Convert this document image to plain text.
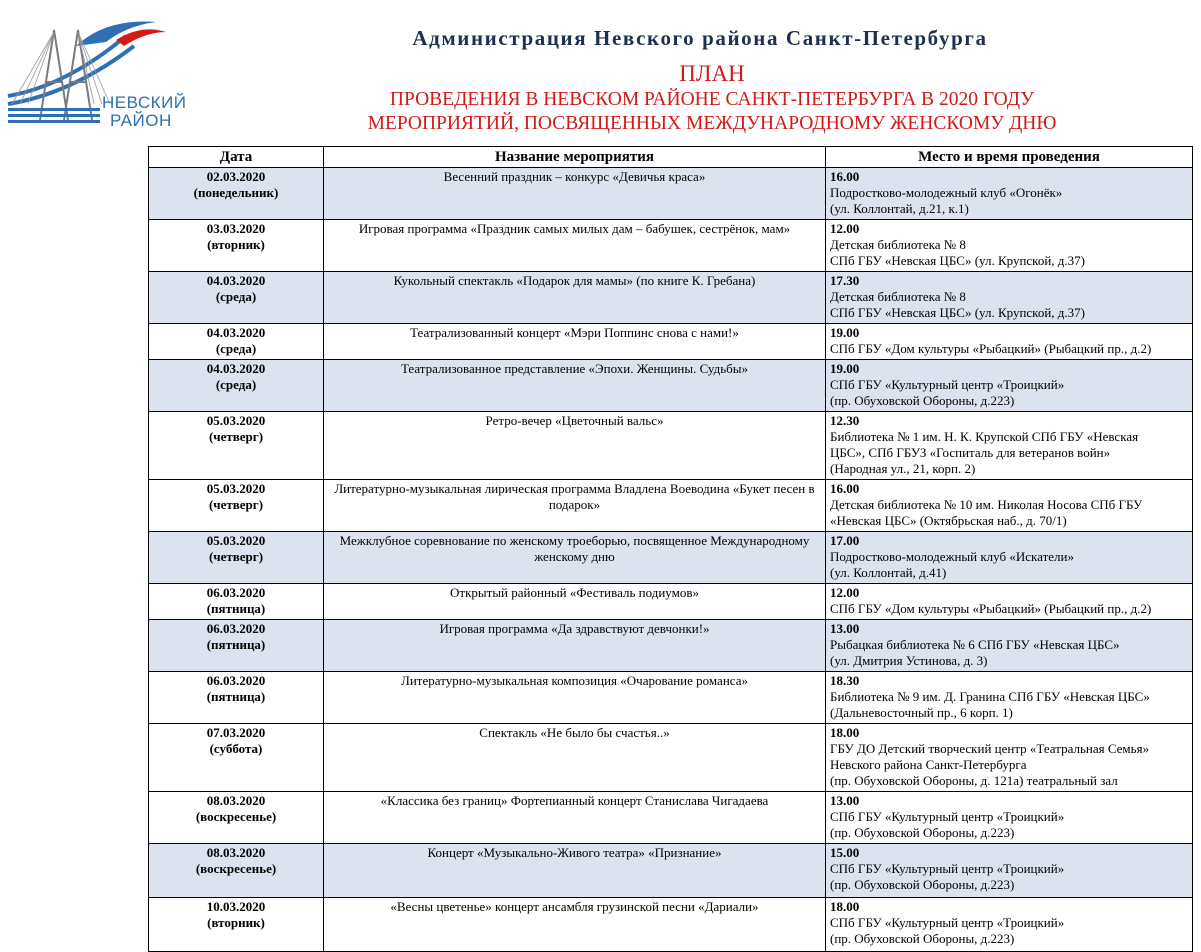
НЕВСКИЙ
РАЙОН
Администрация Невского района Санкт-Петербурга
ПЛАН
ПРОВЕДЕНИЯ В НЕВСКОМ РАЙОНЕ САНКТ-ПЕТЕРБУРГА В 2020 ГОДУ
МЕРОПРИЯТИЙ, ПОСВЯЩЕННЫХ МЕЖДУНАРОДНОМУ ЖЕНСКОМУ ДНЮ
Дата	Название мероприятия	Место и время проведения

02.03.2020
(понедельник)	Весенний праздник – конкурс «Девичья краса»	16.00
Подростково-молодежный клуб «Огонёк»
(ул. Коллонтай, д.21, к.1)

03.03.2020
(вторник)	Игровая программа «Праздник самых милых дам – бабушек, сестрёнок, мам»	12.00
Детская библиотека № 8
СПб ГБУ «Невская ЦБС» (ул. Крупской, д.37)

04.03.2020
(среда)	Кукольный спектакль «Подарок для мамы» (по книге К. Гребана)	17.30
Детская библиотека № 8
СПб ГБУ «Невская ЦБС» (ул. Крупской, д.37)

04.03.2020
(среда)	Театрализованный концерт «Мэри Поппинс снова с нами!»	19.00
СПб ГБУ «Дом культуры «Рыбацкий» (Рыбацкий пр., д.2)

04.03.2020
(среда)	Театрализованное представление «Эпохи. Женщины. Судьбы»	19.00
СПб ГБУ «Культурный центр «Троицкий»
(пр. Обуховской Обороны, д.223)

05.03.2020
(четверг)	Ретро-вечер «Цветочный вальс»	12.30
Библиотека № 1 им. Н. К. Крупской СПб ГБУ «Невская
ЦБС», СПб ГБУЗ «Госпиталь для ветеранов войн»
(Народная ул., 21, корп. 2)

05.03.2020
(четверг)	Литературно-музыкальная лирическая программа Владлена Воеводина «Букет песен в подарок»	16.00
Детская библиотека № 10 им. Николая Носова СПб ГБУ
«Невская ЦБС» (Октябрьская наб., д. 70/1)

05.03.2020
(четверг)	Межклубное соревнование по женскому троеборью, посвященное Международному женскому дню	17.00
Подростково-молодежный клуб «Искатели»
(ул. Коллонтай, д.41)

06.03.2020
(пятница)	Открытый районный «Фестиваль подиумов»	12.00
СПб ГБУ «Дом культуры «Рыбацкий» (Рыбацкий пр., д.2)

06.03.2020
(пятница)	Игровая программа «Да здравствуют девчонки!»	13.00
Рыбацкая библиотека № 6 СПб ГБУ «Невская ЦБС»
(ул. Дмитрия Устинова, д. 3)

06.03.2020
(пятница)	Литературно-музыкальная композиция «Очарование романса»	18.30
Библиотека № 9 им. Д. Гранина СПб ГБУ «Невская ЦБС»
(Дальневосточный пр., 6 корп. 1)

07.03.2020
(суббота)	Спектакль «Не было бы счастья..»	18.00
ГБУ ДО Детский творческий центр «Театральная Семья»
Невского района Санкт-Петербурга
(пр. Обуховской Обороны, д. 121а) театральный зал

08.03.2020
(воскресенье)	«Классика без границ» Фортепианный концерт Станислава Чигадаева	13.00
СПб ГБУ «Культурный центр «Троицкий»
(пр. Обуховской Обороны, д.223)

08.03.2020
(воскресенье)	Концерт «Музыкально-Живого театра» «Признание»	15.00
СПб ГБУ «Культурный центр «Троицкий»
(пр. Обуховской Обороны, д.223)

10.03.2020
(вторник)	«Весны цветенье» концерт ансамбля грузинской песни «Дариали»	18.00
СПб ГБУ «Культурный центр «Троицкий»
(пр. Обуховской Обороны, д.223)
